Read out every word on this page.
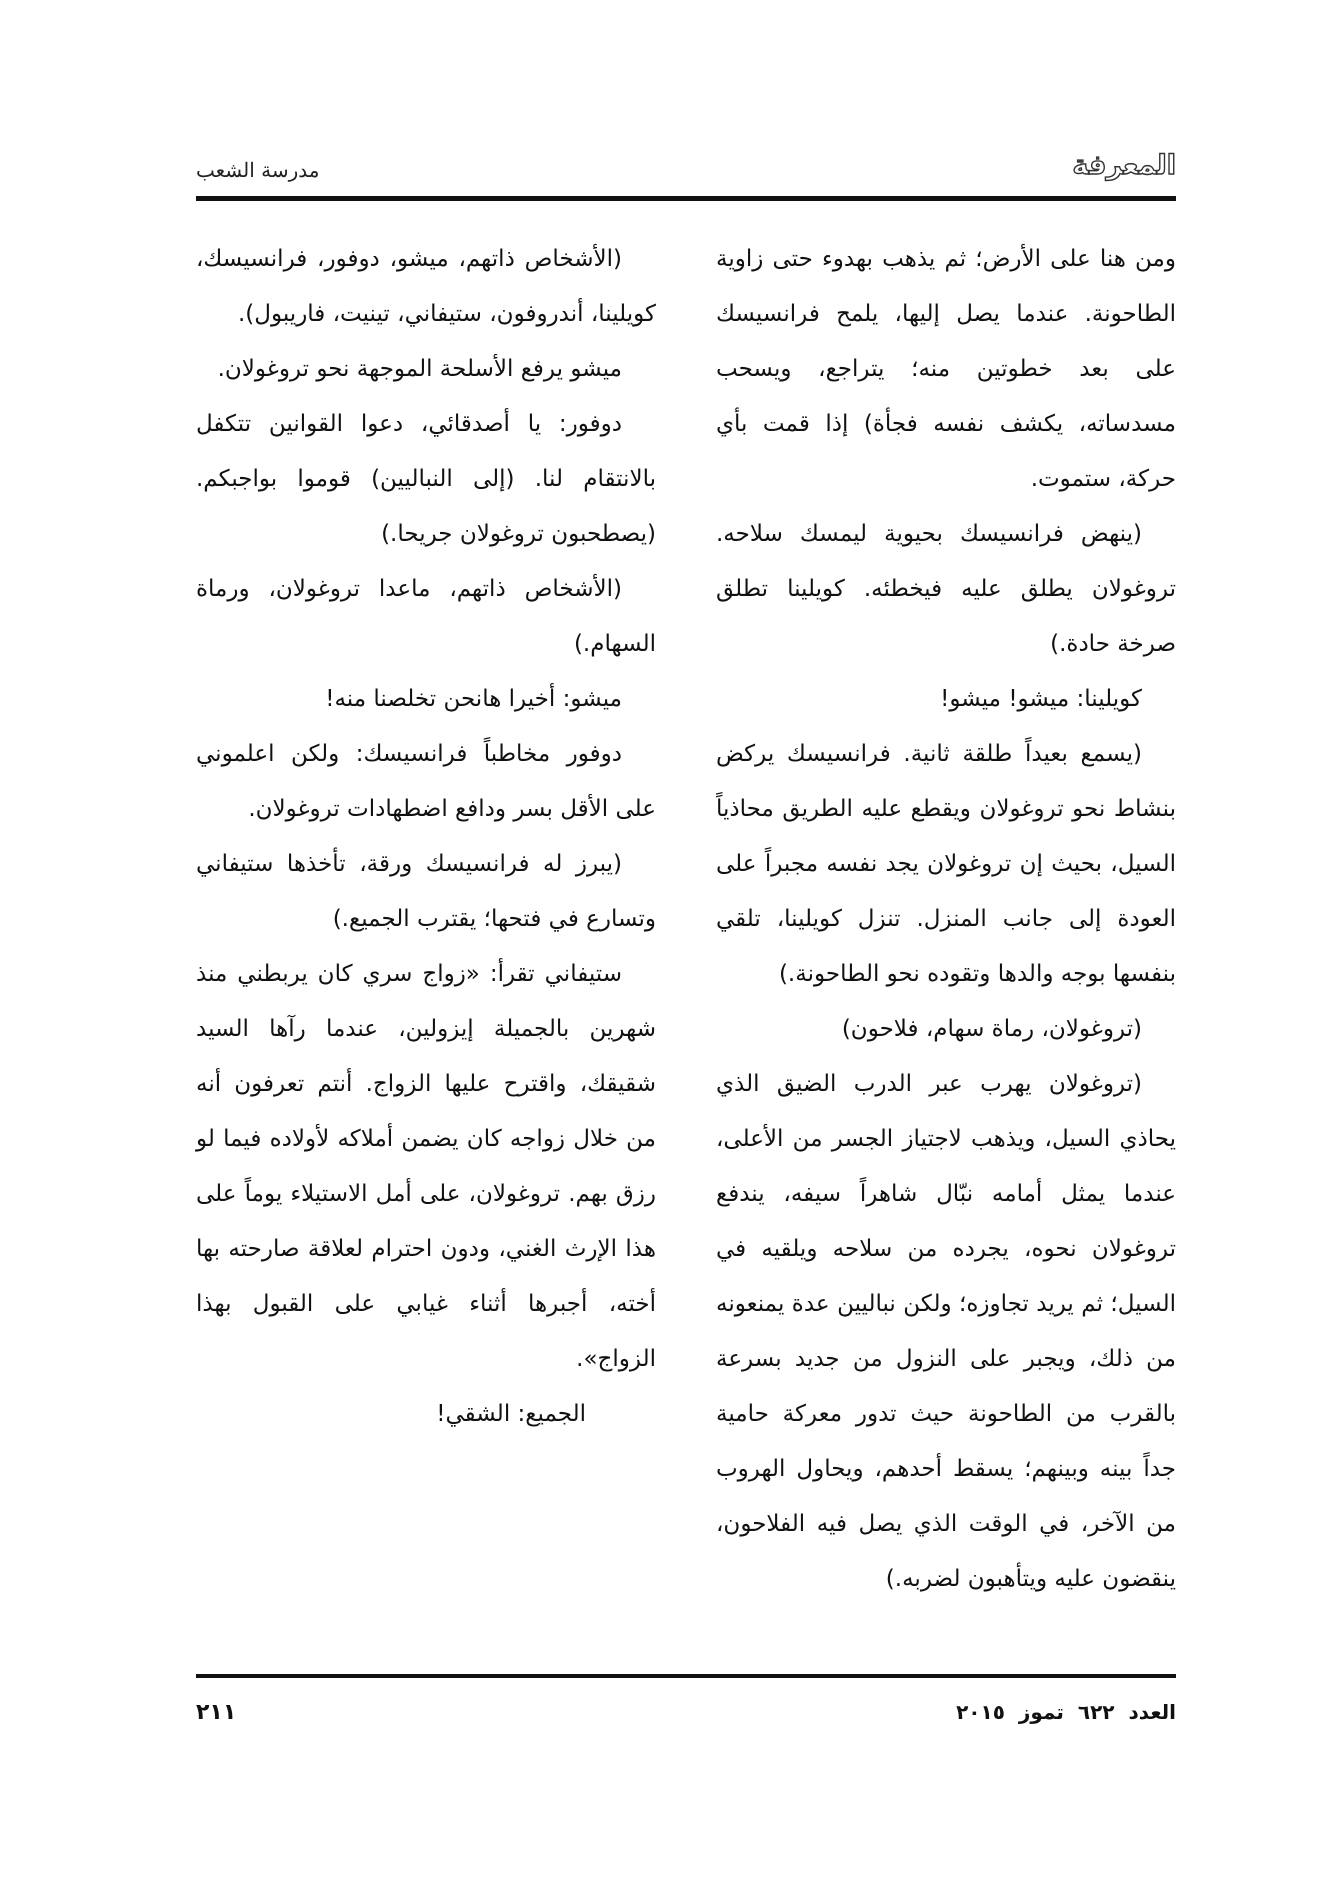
مدرسة الشعب	المعرفة

ومن هنا على الأرض؛ ثم يذهب بهدوء حتى زاوية الطاحونة. عندما يصل إليها، يلمح فرانسيسك على بعد خطوتين منه؛ يتراجع، ويسحب مسدساته، يكشف نفسه فجأة) إذا قمت بأي حركة، ستموت.

(ينهض فرانسيسك بحيوية ليمسك سلاحه. تروغولان يطلق عليه فيخطئه. كويلينا تطلق صرخة حادة.)

كويلينا: ميشو! ميشو!

(يسمع بعيداً طلقة ثانية. فرانسيسك يركض بنشاط نحو تروغولان ويقطع عليه الطريق محاذياً السيل، بحيث إن تروغولان يجد نفسه مجبراً على العودة إلى جانب المنزل. تنزل كويلينا، تلقي بنفسها بوجه والدها وتقوده نحو الطاحونة.)

(تروغولان، رماة سهام، فلاحون)

(تروغولان يهرب عبر الدرب الضيق الذي يحاذي السيل، ويذهب لاجتياز الجسر من الأعلى، عندما يمثل أمامه نبّال شاهراً سيفه، يندفع تروغولان نحوه، يجرده من سلاحه ويلقيه في السيل؛ ثم يريد تجاوزه؛ ولكن نباليين عدة يمنعونه من ذلك، ويجبر على النزول من جديد بسرعة بالقرب من الطاحونة حيث تدور معركة حامية جداً بينه وبينهم؛ يسقط أحدهم، ويحاول الهروب من الآخر، في الوقت الذي يصل فيه الفلاحون، ينقضون عليه ويتأهبون لضربه.)

(الأشخاص ذاتهم، ميشو، دوفور، فرانسيسك، كويلينا، أندروفون، ستيفاني، تينيت، فاريبول).

ميشو يرفع الأسلحة الموجهة نحو تروغولان.

دوفور: يا أصدقائي، دعوا القوانين تتكفل بالانتقام لنا. (إلى النباليين) قوموا بواجبكم. (يصطحبون تروغولان جريحا.)

(الأشخاص ذاتهم، ماعدا تروغولان، ورماة السهام.)

ميشو: أخيرا هانحن تخلصنا منه!

دوفور مخاطباً فرانسيسك: ولكن اعلموني على الأقل بسر ودافع اضطهادات تروغولان.

(يبرز له فرانسيسك ورقة، تأخذها ستيفاني وتسارع في فتحها؛ يقترب الجميع.)

ستيفاني تقرأ: «زواج سري كان يربطني منذ شهرين بالجميلة إيزولين، عندما رآها السيد شقيقك، واقترح عليها الزواج. أنتم تعرفون أنه من خلال زواجه كان يضمن أملاكه لأولاده فيما لو رزق بهم. تروغولان، على أمل الاستيلاء يوماً على هذا الإرث الغني، ودون احترام لعلاقة صارحته بها أخته، أجبرها أثناء غيابي على القبول بهذا الزواج».

الجميع: الشقي!

٢١١	العدد٦٢٢تموز٢٠١٥
